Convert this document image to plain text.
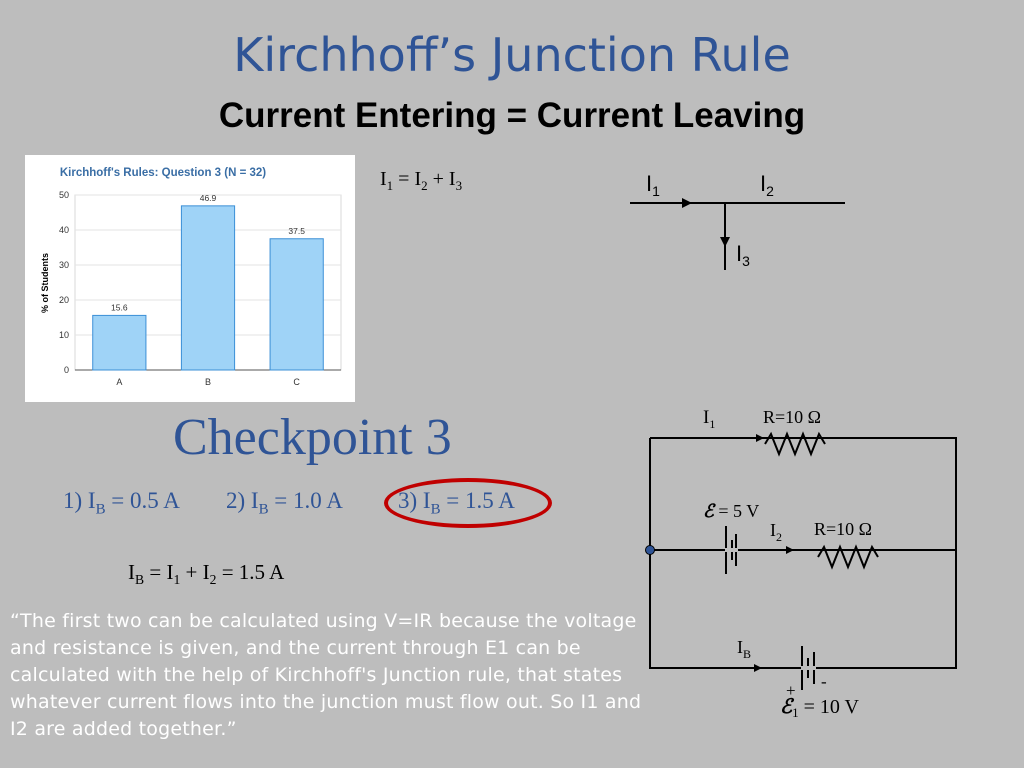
Kirchhoff’s Junction Rule
Current Entering = Current Leaving
Kirchhoff's Rules: Question 3 (N = 32)
% of Students
0
10
20
30
40
50
15.6
A
46.9
B
37.5
C
$I_1 = I_2 + I_3$	$I_1$	$I_2$
$I_3$
Checkpoint 3
1) $I_B = 0.5$ A 2) $I_B = 1.0$ A 3) $I_B = 1.5$ A
$I_B = I_1 + I_2 = 1.5$ A
“The first two can be calculated using V=IR because the voltage and resistance is given, and the current through E1 can be calculated with the help of Kirchhoff's Junction rule, that states whatever current flows into the junction must flow out. So I1 and I2 are added together.”
$I_1$	R=10 Ω
ℰ = 5 V
$I_2$ R=10 Ω
$I_B$
+ -
ℰ$_1$ = 10 V
